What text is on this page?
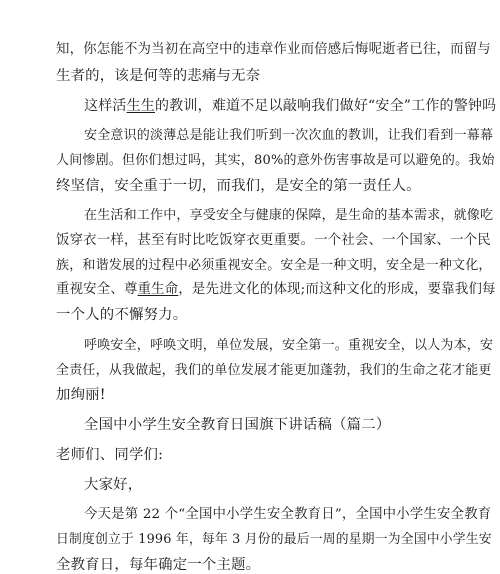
知，你怎能不为当初在高空中的违章作业而倍感后悔呢逝者已往，而留与
生者的，该是何等的悲痛与无奈
这样活生生的教训，难道不足以敲响我们做好“安全”工作的警钟吗
安全意识的淡薄总是能让我们听到一次次血的教训，让我们看到一幕幕
人间惨剧。但你们想过吗，其实，80%的意外伤害事故是可以避免的。我始
终坚信，安全重于一切，而我们，是安全的第一责任人。
在生活和工作中，享受安全与健康的保障，是生命的基本需求，就像吃
饭穿衣一样，甚至有时比吃饭穿衣更重要。一个社会、一个国家、一个民
族，和谐发展的过程中必须重视安全。安全是一种文明，安全是一种文化，
重视安全、尊重生命，是先进文化的体现;而这种文化的形成，要靠我们每
一个人的不懈努力。
呼唤安全，呼唤文明，单位发展，安全第一。重视安全，以人为本，安
全责任，从我做起，我们的单位发展才能更加蓬勃，我们的生命之花才能更
加绚丽!
全国中小学生安全教育日国旗下讲话稿（篇二）
老师们、同学们:
大家好，
今天是第 22 个“全国中小学生安全教育日”，全国中小学生安全教育
日制度创立于 1996 年，每年 3 月份的最后一周的星期一为全国中小学生安
全教育日，每年确定一个主题。
